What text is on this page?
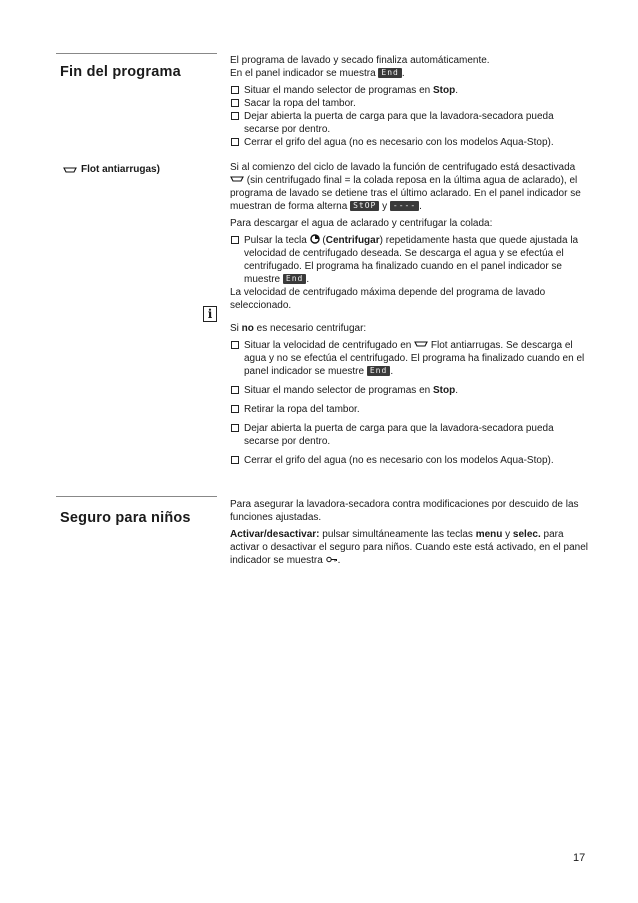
Fin del programa

El programa de lavado y secado finaliza automáticamente.

En el panel indicador se muestra End .

Situar el mando selector de programas en Stop.
Sacar la ropa del tambor.
Dejar abierta la puerta de carga para que la lavadora-secadora pueda secarse por dentro.
Cerrar el grifo del agua (no es necesario con los modelos Aqua-Stop).
Flot antiarrugas)	Si al comienzo del ciclo de lavado la función de centrifugado está desactivada  (sin centrifugado final = la colada reposa en la última agua de aclarado), el programa de lavado se detiene tras el último aclarado. En el panel indicador se muestran de forma alterna StOP y ---- .

Para descargar el agua de aclarado y centrifugar la colada:

Pulsar la tecla (Centrifugar) repetidamente hasta que quede ajustada la velocidad de centrifugado deseada. Se descarga el agua y se efectúa el centrifugado. El programa ha finalizado cuando en el panel indicador se muestre End .

La velocidad de centrifugado máxima depende del programa de lavado seleccionado.

Si no es necesario centrifugar:

Situar la velocidad de centrifugado en Flot antiarrugas. Se descarga el agua y no se efectúa el centrifugado. El programa ha finalizado cuando en el panel indicador se muestre End .
Situar el mando selector de programas en Stop.
Retirar la ropa del tambor.
Dejar abierta la puerta de carga para que la lavadora-secadora pueda secarse por dentro.
Cerrar el grifo del agua (no es necesario con los modelos Aqua-Stop).
i
Seguro para niños

Para asegurar la lavadora-secadora contra modificaciones por descuido de las funciones ajustadas.

Activar/desactivar: pulsar simultáneamente las teclas menu y selec. para activar o desactivar el seguro para niños. Cuando este está activado, en el panel indicador se muestra .

17
